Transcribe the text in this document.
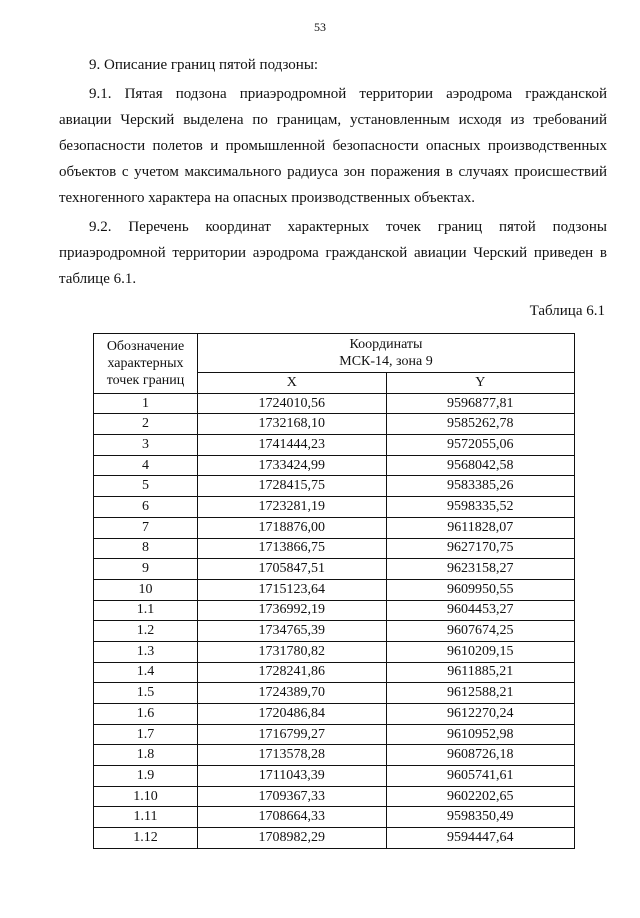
53

9. Описание границ пятой подзоны:

9.1. Пятая подзона приаэродромной территории аэродрома гражданской авиации Черский выделена по границам, установленным исходя из требований безопасности полетов и промышленной безопасности опасных производственных объектов с учетом максимального радиуса зон поражения в случаях происшествий техногенного характера на опасных производственных объектах.

9.2. Перечень координат характерных точек границ пятой подзоны приаэродромной территории аэродрома гражданской авиации Черский приведен в таблице 6.1.

Таблица 6.1
Обозначение
характерных
точек границ	Координаты
МСК-14, зона 9	

	X	Y
1	1724010,56	9596877,81
2	1732168,10	9585262,78
3	1741444,23	9572055,06
4	1733424,99	9568042,58
5	1728415,75	9583385,26
6	1723281,19	9598335,52
7	1718876,00	9611828,07
8	1713866,75	9627170,75
9	1705847,51	9623158,27
10	1715123,64	9609950,55
1.1	1736992,19	9604453,27
1.2	1734765,39	9607674,25
1.3	1731780,82	9610209,15
1.4	1728241,86	9611885,21
1.5	1724389,70	9612588,21
1.6	1720486,84	9612270,24
1.7	1716799,27	9610952,98
1.8	1713578,28	9608726,18
1.9	1711043,39	9605741,61
1.10	1709367,33	9602202,65
1.11	1708664,33	9598350,49
1.12	1708982,29	9594447,64
